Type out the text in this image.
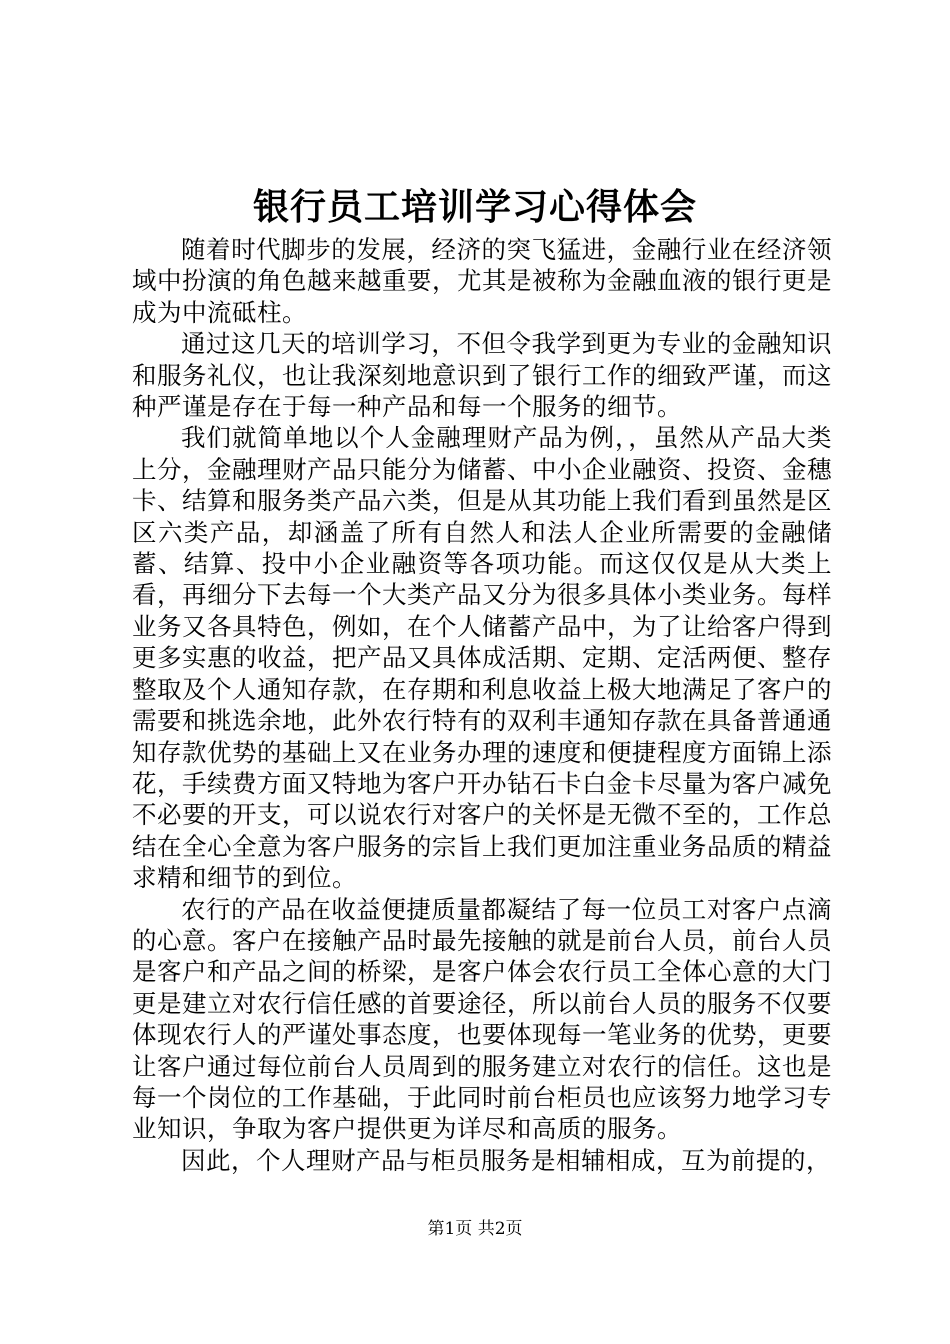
银行员工培训学习心得体会

随着时代脚步的发展，经济的突飞猛进，金融行业在经济领域中扮演的角色越来越重要，尤其是被称为金融血液的银行更是成为中流砥柱。

通过这几天的培训学习，不但令我学到更为专业的金融知识和服务礼仪，也让我深刻地意识到了银行工作的细致严谨，而这种严谨是存在于每一种产品和每一个服务的细节。

我们就简单地以个人金融理财产品为例，，虽然从产品大类上分，金融理财产品只能分为储蓄、中小企业融资、投资、金穗卡、结算和服务类产品六类，但是从其功能上我们看到虽然是区区六类产品，却涵盖了所有自然人和法人企业所需要的金融储蓄、结算、投中小企业融资等各项功能。而这仅仅是从大类上看，再细分下去每一个大类产品又分为很多具体小类业务。每样业务又各具特色，例如，在个人储蓄产品中，为了让给客户得到更多实惠的收益，把产品又具体成活期、定期、定活两便、整存整取及个人通知存款，在存期和利息收益上极大地满足了客户的需要和挑选余地，此外农行特有的双利丰通知存款在具备普通通知存款优势的基础上又在业务办理的速度和便捷程度方面锦上添花，手续费方面又特地为客户开办钻石卡白金卡尽量为客户减免不必要的开支，可以说农行对客户的关怀是无微不至的，工作总结在全心全意为客户服务的宗旨上我们更加注重业务品质的精益求精和细节的到位。

农行的产品在收益便捷质量都凝结了每一位员工对客户点滴的心意。客户在接触产品时最先接触的就是前台人员，前台人员是客户和产品之间的桥梁，是客户体会农行员工全体心意的大门更是建立对农行信任感的首要途径，所以前台人员的服务不仅要体现农行人的严谨处事态度，也要体现每一笔业务的优势，更要让客户通过每位前台人员周到的服务建立对农行的信任。这也是每一个岗位的工作基础，于此同时前台柜员也应该努力地学习专业知识，争取为客户提供更为详尽和高质的服务。

因此，个人理财产品与柜员服务是相辅相成，互为前提的，

第1页 共2页
